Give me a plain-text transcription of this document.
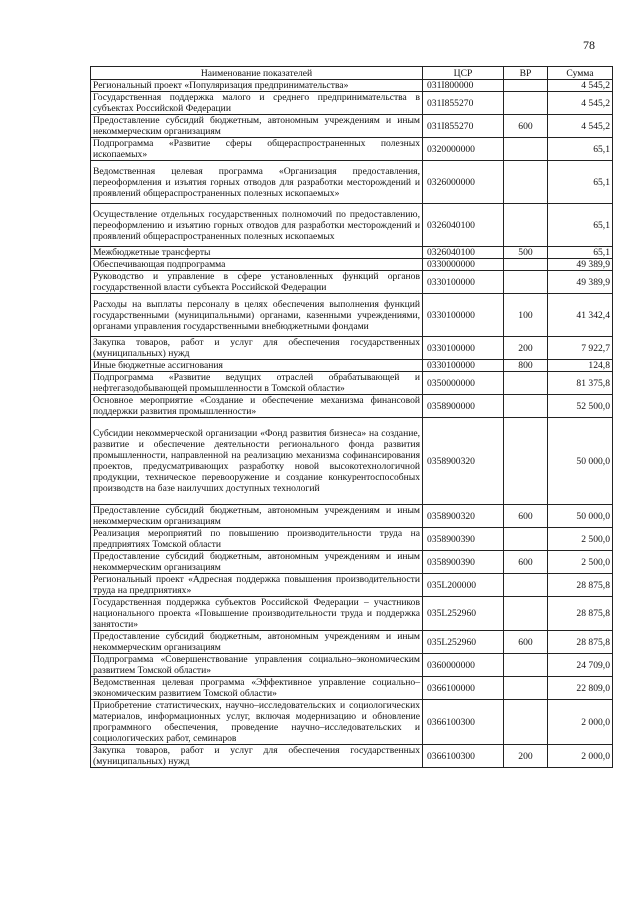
78
Наименование показателей	ЦСР	ВР	Сумма
Региональный проект «Популяризация предпринимательства»	031I800000		4 545,2
Государственная поддержка малого и среднего предпринимательства в субъектах Российской Федерации	031I855270		4 545,2
Предоставление субсидий бюджетным, автономным учреждениям и иным некоммерческим организациям	031I855270	600	4 545,2
Подпрограмма «Развитие сферы общераспространенных полезных ископаемых»	0320000000		65,1
Ведомственная целевая программа «Организация предоставления, переоформления и изъятия горных отводов для разработки месторождений и проявлений общераспространенных полезных ископаемых»	0326000000		65,1
Осуществление отдельных государственных полномочий по предоставлению, переоформлению и изъятию горных отводов для разработки месторождений и проявлений общераспространенных полезных ископаемых	0326040100		65,1
Межбюджетные трансферты	0326040100	500	65,1
Обеспечивающая подпрограмма	0330000000		49 389,9
Руководство и управление в сфере установленных функций органов государственной власти субъекта Российской Федерации	0330100000		49 389,9
Расходы на выплаты персоналу в целях обеспечения выполнения функций государственными (муниципальными) органами, казенными учреждениями, органами управления государственными внебюджетными фондами	0330100000	100	41 342,4
Закупка товаров, работ и услуг для обеспечения государственных (муниципальных) нужд	0330100000	200	7 922,7
Иные бюджетные ассигнования	0330100000	800	124,8
Подпрограмма «Развитие ведущих отраслей обрабатывающей и нефтегазодобывающей промышленности в Томской области»	0350000000		81 375,8
Основное мероприятие «Создание и обеспечение механизма финансовой поддержки развития промышленности»	0358900000		52 500,0
Субсидии некоммерческой организации «Фонд развития бизнеса» на создание, развитие и обеспечение деятельности регионального фонда развития промышленности, направленной на реализацию механизма софинансирования проектов, предусматривающих разработку новой высокотехнологичной продукции, техническое перевооружение и создание конкурентоспособных производств на базе наилучших доступных технологий	0358900320		50 000,0
Предоставление субсидий бюджетным, автономным учреждениям и иным некоммерческим организациям	0358900320	600	50 000,0
Реализация мероприятий по повышению производительности труда на предприятиях Томской области	0358900390		2 500,0
Предоставление субсидий бюджетным, автономным учреждениям и иным некоммерческим организациям	0358900390	600	2 500,0
Региональный проект «Адресная поддержка повышения производительности труда на предприятиях»	035L200000		28 875,8
Государственная поддержка субъектов Российской Федерации – участников национального проекта «Повышение производительности труда и поддержка занятости»	035L252960		28 875,8
Предоставление субсидий бюджетным, автономным учреждениям и иным некоммерческим организациям	035L252960	600	28 875,8
Подпрограмма «Совершенствование управления социально–экономическим развитием Томской области»	0360000000		24 709,0
Ведомственная целевая программа «Эффективное управление социально–экономическим развитием Томской области»	0366100000		22 809,0
Приобретение статистических, научно–исследовательских и социологических материалов, информационных услуг, включая модернизацию и обновление программного обеспечения, проведение научно–исследовательских и социологических работ, семинаров	0366100300		2 000,0
Закупка товаров, работ и услуг для обеспечения государственных (муниципальных) нужд	0366100300	200	2 000,0
